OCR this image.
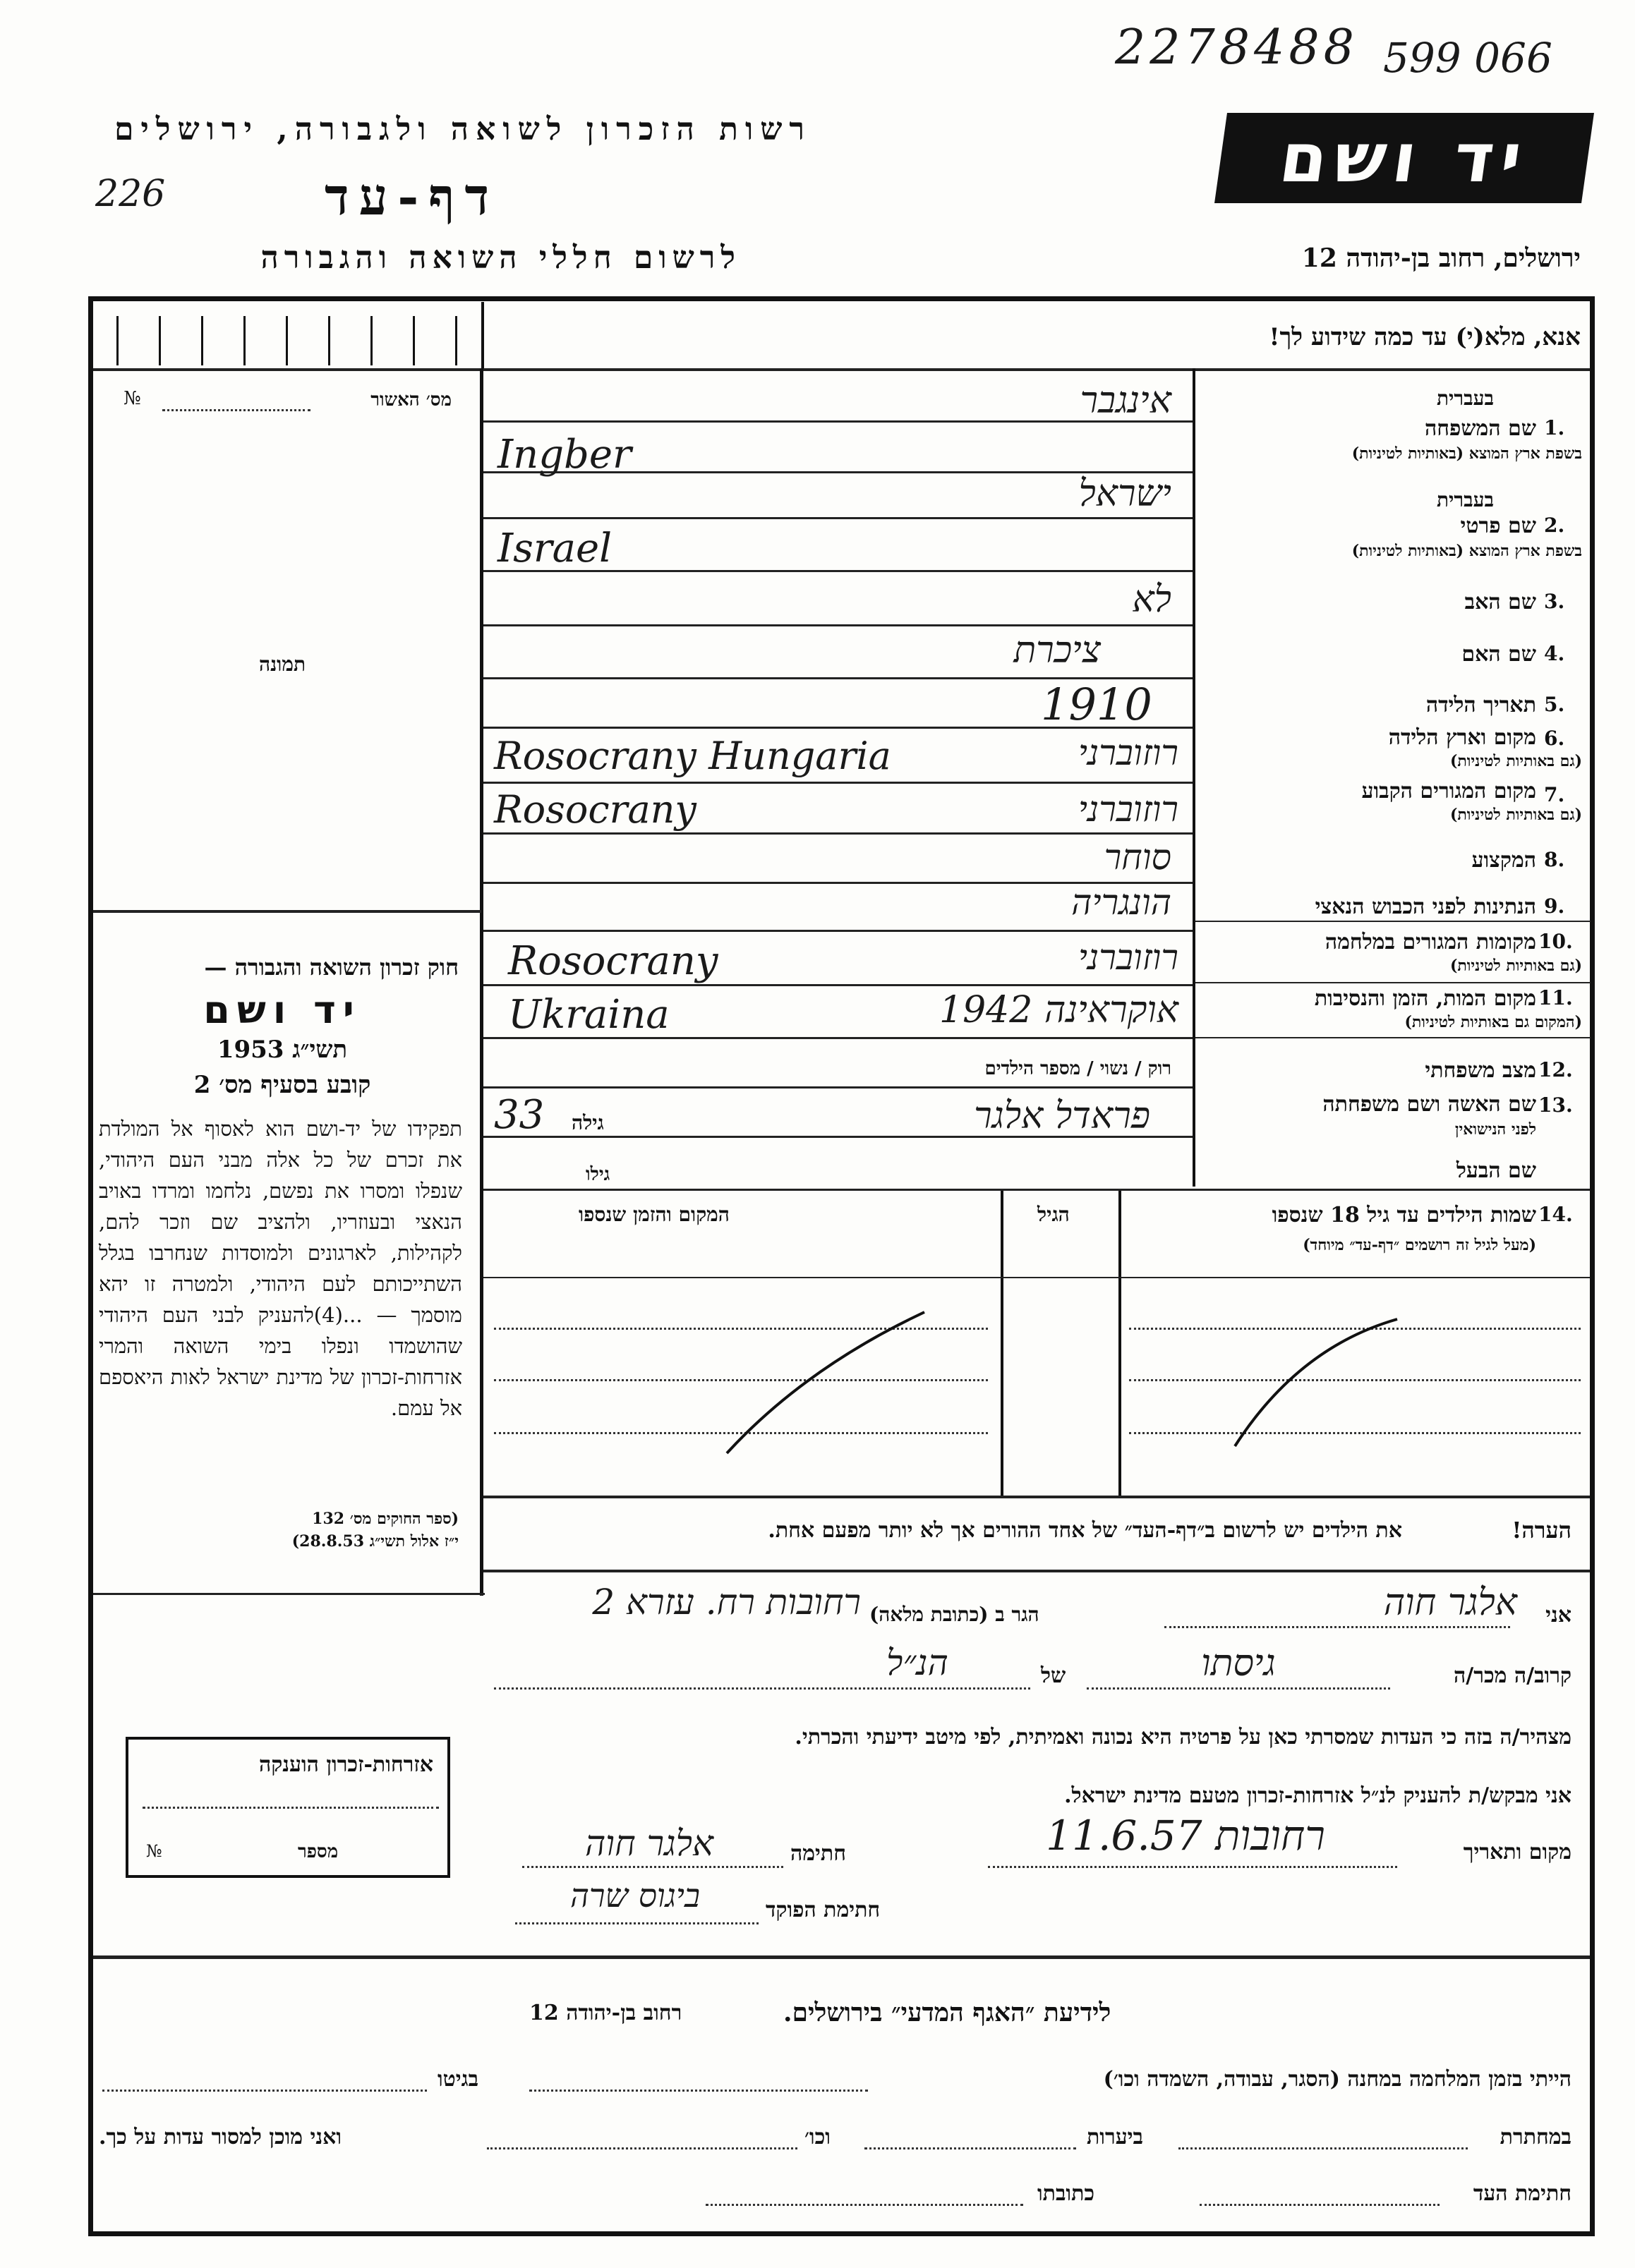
2278488 599 066
רשות הזכרון לשואה ולגבורה, ירושלים
226	דף-עד
לרשום חללי השואה והגבורה
יד ושם
ירושלים, רחוב בן-יהודה 12
אנא, מלא(י) עד כמה שידוע לך!
מס׳ האשור
№
תמונה
חוק זכרון השואה והגבורה —
יד ושם
תשי״ג 1953
קובע בסעיף מס׳ 2
תפקידו של יד-ושם הוא לאסוף אל המולדת את זכרם של כל אלה מבני העם היהודי, שנפלו ומסרו את נפשם, נלחמו ומרדו באויב הנאצי ובעוזריו, ולהציב שם וזכר להם, לקהילות, לארגונים ולמוסדות שנחרבו בגלל השתייכותם לעם היהודי, ולמטרה זו יהא מוסמך — ...(4)להעניק לבני העם היהודי שהושמדו ונפלו בימי השואה והמרי אזרחות-זכרון של מדינת ישראל לאות היאספם אל עמם.
(ספר החוקים מס׳ 132
י״ז אלול תשי״ג 28.8.53)
אזרחות-זכרון הוענקה
מספר
№
בעברית
1.
שם המשפחה
בשפת ארץ המוצא (באותיות לטיניות)
אינגבר
Ingber
בעברית
2.
שם פרטי
בשפת ארץ המוצא (באותיות לטיניות)
ישראל
Israel
3.
שם האב
לא
4.
שם האם
ציכרת
5.
תאריך הלידה
1910
6.
מקום וארץ הלידה
(גם באותיות לטיניות)
רוזוברני
Rosocrany Hungaria
7.
מקום המגורים הקבוע
(גם באותיות לטיניות)
רוזוברני
Rosocrany
8.
המקצוע
סוחר
9.
הנתינות לפני הכבוש הנאצי
הונגריה
10.
מקומות המגורים במלחמה
(גם באותיות לטיניות)
רוזוברני
Rosocrany
11.
מקום המות, הזמן והנסיבות
(המקום גם באותיות לטיניות)
אוקראינה 1942
Ukraina
12.
מצב משפחתי
רוק / נשוי / מספר הילדים
13.
שם האשה ושם משפחתה
לפני הנישואין
פראדל אלגר
גילה
33
שם הבעל
גילו
14.
שמות הילדים עד גיל 18 שנספו
(מעל לגיל זה רושמים ״דף-עד״ מיוחד)
הגיל
המקום והזמן שנספו
הערה!
את הילדים יש לרשום ב״דף-העד״ של אחד ההורים אך לא יותר מפעם אחת.
אני
אלגר חוה
הגר ב (כתובת מלאה)
רחובות רח. עזרא 2
קרוב/ה מכר/ה
גיסתו
של
הנ״ל
מצהיר/ה בזה כי העדות שמסרתי כאן על פרטיה היא נכונה ואמיתית, לפי מיטב ידיעתי והכרתי.
אני מבקש/ת להעניק לנ״ל אזרחות-זכרון מטעם מדינת ישראל.
מקום ותאריך
רחובות 11.6.57
חתימה
אלגר חוה
חתימת הפוקד
ביגוס שרה
לידיעת ״האגף המדעי״ בירושלים.
רחוב בן-יהודה 12
הייתי בזמן המלחמה במחנה (הסגר, עבודה, השמדה וכו׳)
בגיטו
במחתרת
ביערות
וכו׳
ואני מוכן למסור עדות על כך.
חתימת העד
כתובתו
